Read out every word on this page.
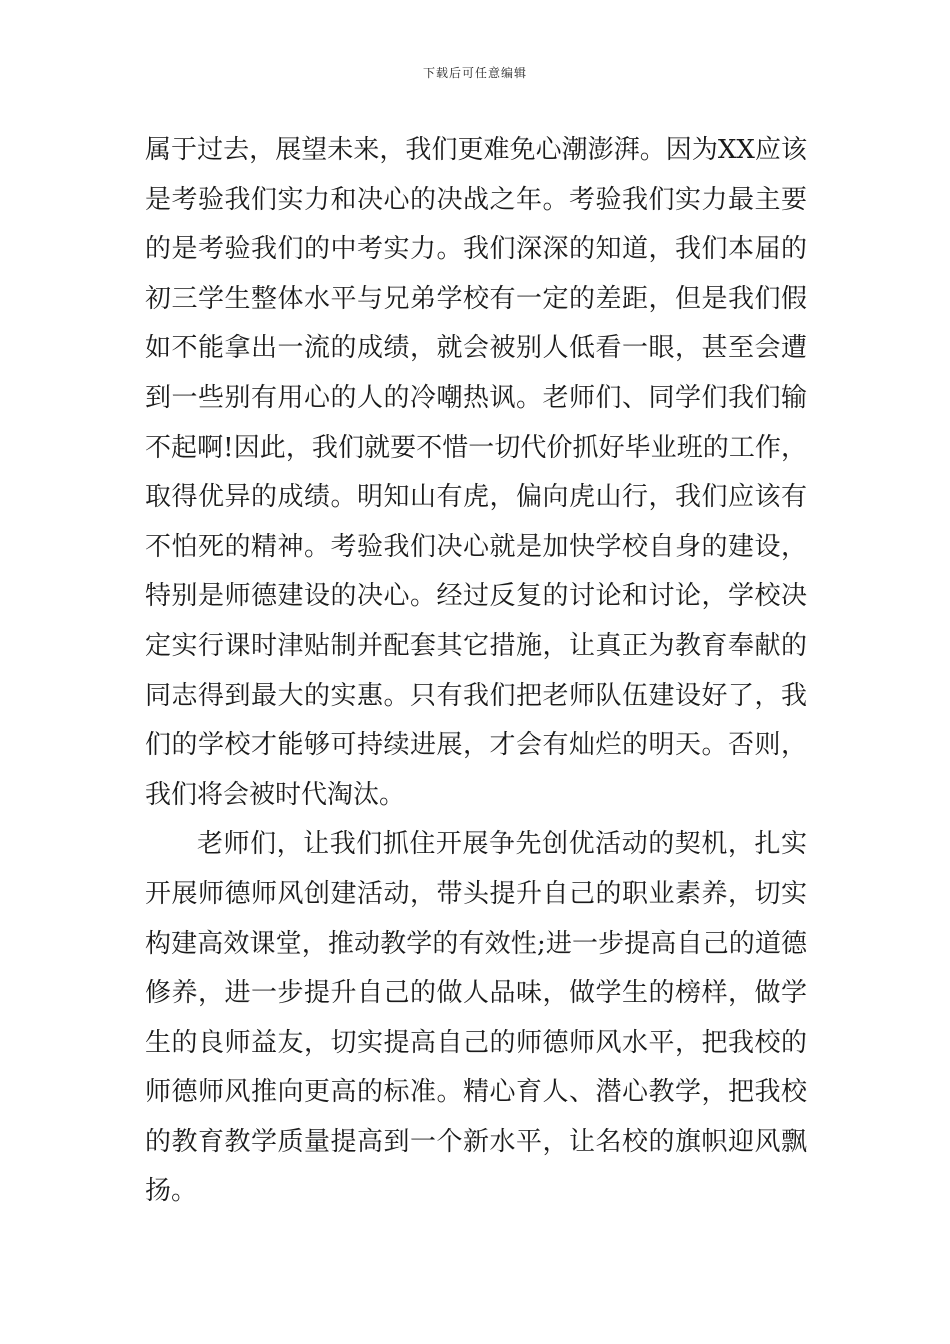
下载后可任意编辑
属于过去，展望未来，我们更难免心潮澎湃。因为XX应该
是考验我们实力和决心的决战之年。考验我们实力最主要
的是考验我们的中考实力。我们深深的知道，我们本届的
初三学生整体水平与兄弟学校有一定的差距，但是我们假
如不能拿出一流的成绩，就会被别人低看一眼，甚至会遭
到一些别有用心的人的冷嘲热讽。老师们、同学们我们输
不起啊!因此，我们就要不惜一切代价抓好毕业班的工作，
取得优异的成绩。明知山有虎，偏向虎山行，我们应该有
不怕死的精神。考验我们决心就是加快学校自身的建设，
特别是师德建设的决心。经过反复的讨论和讨论，学校决
定实行课时津贴制并配套其它措施，让真正为教育奉献的
同志得到最大的实惠。只有我们把老师队伍建设好了，我
们的学校才能够可持续进展，才会有灿烂的明天。否则，
我们将会被时代淘汰。
老师们，让我们抓住开展争先创优活动的契机，扎实
开展师德师风创建活动，带头提升自己的职业素养，切实
构建高效课堂，推动教学的有效性;进一步提高自己的道德
修养，进一步提升自己的做人品味，做学生的榜样，做学
生的良师益友，切实提高自己的师德师风水平，把我校的
师德师风推向更高的标准。精心育人、潜心教学，把我校
的教育教学质量提高到一个新水平，让名校的旗帜迎风飘
扬。
